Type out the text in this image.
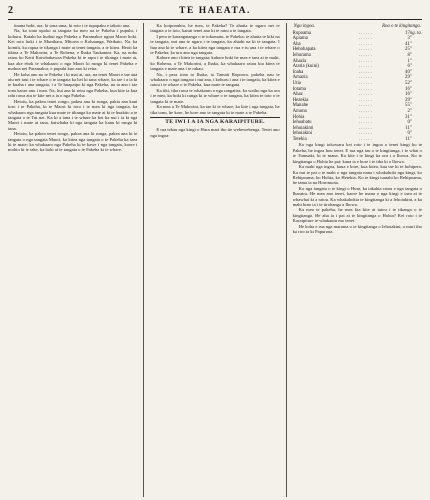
2	TE HAEATA.

tinana hoki, ara, ki tona uma, ki roto i te tupapaku e takoto ana.

Na, ko tona upoko ra tangata ka meo na te Pakeha i pupuhi, i kohuru. Kataki ka huihui nga Pakeha o Paramakor ngiua Maori hoki. Kei roto hoki i te Munihara, Mitoria o Kohaunga, Waikato. Na, ka komiti, ka rapua te tikanga i mate ai tenei tangata, a te kitea. Heoti ka tikina a Te Makorini, a Te Rohena, e Ihaka Taukanini. Ka, na nobo ratou ko Keiti Kaiwhakawaa Pakeha ki te rapu i te tikanga i mate ai, kaa ake ebok te whakaaro o nga Maori ki runga ki tenei Pakeha e mohoa nei Paramakor, e pupuhi kuo ano ki reira.

He koha ano no te Pakeha i ki mai ai, ara, na tenei Maori e tae aua atu nei taui i te whare o te tangata ka hei ki tana whare, ka tae i a ia ki te kuaha i ana tangata, i a Te huapaipo ki nga Pakeha, na ia ano i tae tona kaore ano i mea. Na, hui ana ki reira nga Pakeha, kua kite ia kua rahi rawa atu te kite nei a ia o nga Pakeha.

Heiotu, ka pakea tenei rongo, pakea ana ki runga, pakia ana kaui toro i te Pakeha, ki te Maori ki toro i te mea ki nga tangata, ka whakaaro nga tangata kua mate te tikanga ka mate ai ki te huakito a te tangata o te Tui nei. Ka ki a tana i te whare ka kei ka nui i ta ki nga Maori i mate ai tana, kaiwhaka ki nga tangata ka kanu ki runga ki tana.

Heiotu, ka pakea tenei rongo, pakea ana ki runga, pakea ana ki te tangata o nga tangata Maori, ka kitea nga tangata o te Pakeha ka taea ki te mate; ka whakaaro nga Pakeha ki te kawe i nga tangata, kaore i mohio ki te take, ka hoki ai te tangata o te Pakeha ki te whare.

Ka koiponuhia, he mea, te Pakeha? Te ahatia te ngaro nei te tangata o te toto, kanui tenei ano ki te ranu a te tangata.

I pera te karangatanga o te tokomatu, te Pakeha; te ahatia te kiki na te tangata, nui ana te ngaro i te tangata, ka ahiahi na ki te tangata. I hua ana ki te whare, a ka kitea nga tangata e rua e tu ana i te whare o te Pakeha; ka uru ano nga tangata.

Kahore ano i kitea te tangata; kahore hoki he mea e taea ai te mahi, ko Rohena, a Te Makorini, a Ihaka, ka whakaaro ratou kia kitea te tangata e mate ana i te rakau.

Na, i pera tona to Ihaka, ta Tamati Ropoora, pakeha nau te whakaaro o nga tangata i nui ana, i kohuru i ana i te tangata, ka kitea e ratou i te whare o te Pakeha, kua mate te tangata.

Ka tiki, tika rawa te whakaaro o nga rangatira, ka waiho nga ka ora i te mea, ka hoki ki runga ki te whare o te tangata, ka kitea te toto o te tangata ki te mate.

Ka mea a Te Makorini, ka tae ki te whare, ka kite i nga tangata, he tika tonu, he kore, he kore ano te tangata ki te mate a te Pakeha.

TE IWI I A IA NGA KARAIPITURE.

E rua tekau nga kingi o Hura mari iho ite webewebenga. Tenei ano nga ingoa:

Nga ingoa.	Roa o te kingitanga.		
Ropoama	. . . . . .	17	ng. ta.
Apiama	. . . . . .	3	"
Aha	. . . . . .	41	"
Hehohapata	. . . . . .	25	"
Iehorama	. . . . . .	8	"
Ahazia	. . . . . .	1	"
Ataria (kuini)	. . . . . .	6	"
Ioaha	. . . . . .	40	"
Amazia	. . . . . .	29	"
Utia	. . . . . .	52	"
Iotama	. . . . . .	16	"
Ahaz	. . . . . .	16	"
Hezekia	. . . . . .	29	"
Manahe	. . . . . .	55	"
Amono	. . . . . .	2	"
Hohia	. . . . . .	31	"
Iehoahatu	. . . . . .	0	"
Iehoiakimi	. . . . . .	11	"
Iehoiakini	. . . . . .	0	"
Tetekia	. . . . . .	11	"

Ko nga kingi tokowaru kei roto i te ingoa o tenei kingi ko te Pakeha, he ingoa hou tenei. E rua nga tau o te kingitanga, i te whai o te Tumuaki, ki te mana. Ka kite i te kingi ka ora i a Ihowa. Ko te kingitanga o Hohia he pai; kaua ia e kore i te tika ki a Ihowa.

Ka mahi nga ingoa, kaua e kore, kua kitea, kua tae ki te hohipera. Ka nui te pai o te mahi o nga tangata nana i whakahoki nga kingi, ko Rehipoama, ko Hohia, ko Hetekia. Ko te kingi tuatahi ko Rehipoama, he tama ia na Horomona.

Ko nga tangata o te kingi o Hura, ka takahia ratou e nga tangata o Iharaira. He mea ano tenei, kaore he mana o nga kingi e taea ai te whawhai ki a ratou. Ka whakahokia te kingitanga ki a Iehoiakini, a ka mahi kino ia i te tirohanga a Ihowa.

Ka mea te pakeha, he mea kia kite ai tatou i te tikanga o te kingitanga. He aha ia i pai ai te kingitanga o Hohia? Kei roto i te Karaipiture te whakautu mo tenei.

He koha e rua nga marama o te kingitanga o Iehoiakini, a muri iho ka riro ia ki Papurona.
